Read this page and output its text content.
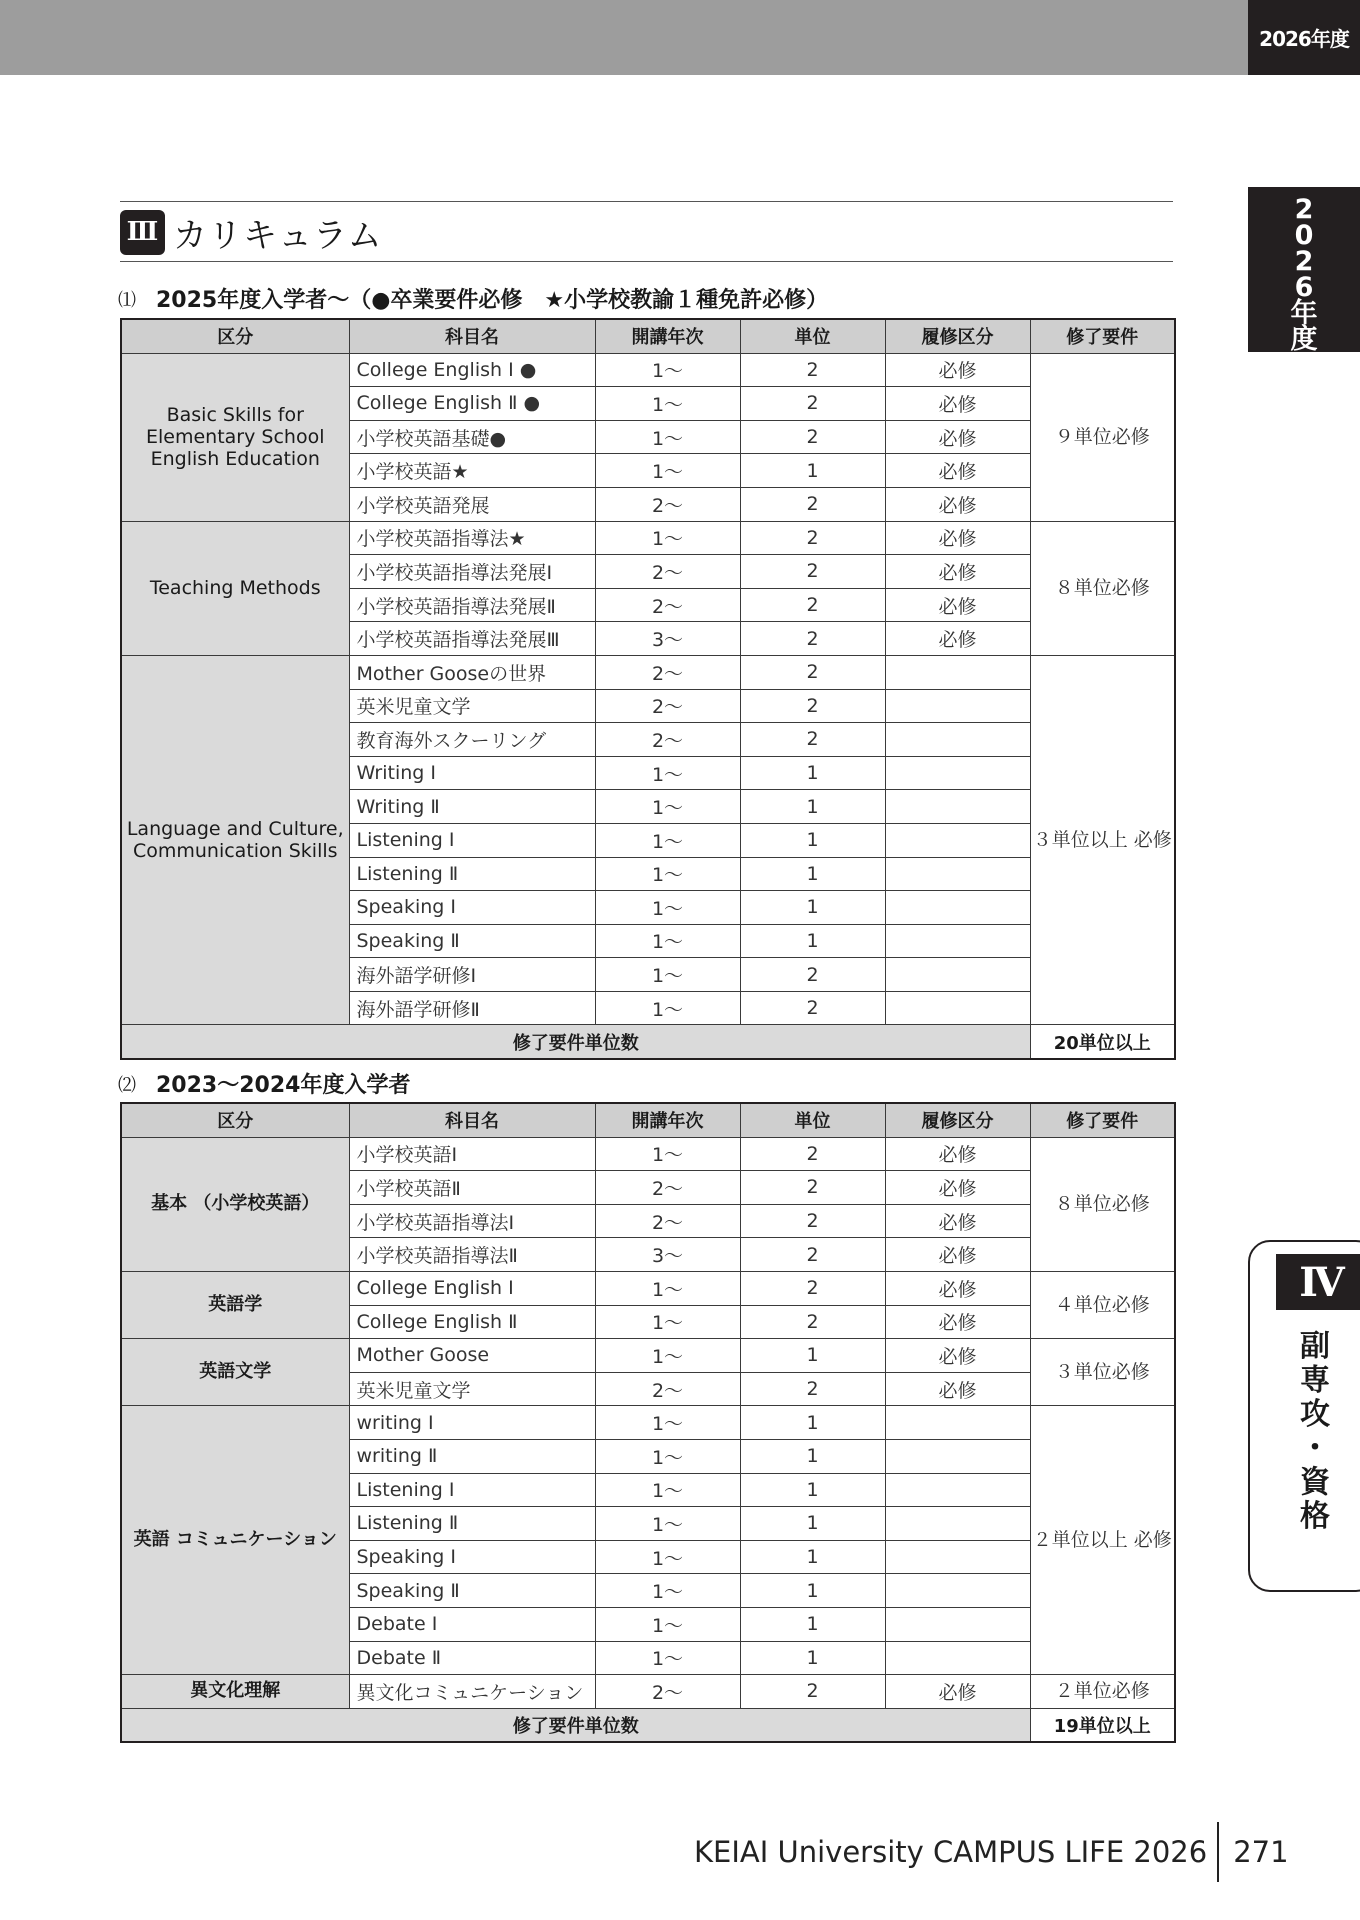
2026年度
2
0
2
6
年
度
Ⅳ
副
専
攻
・
資
格
Ⅲ カリキュラム
⑴ 2025年度入学者〜（●卒業要件必修　★小学校教諭１種免許必修）
区分	科目名	開講年次	単位	履修区分	修了要件
Basic Skills for Elementary School English Education	College English Ⅰ ●	1〜	2	必修	９単位必修
	College English Ⅱ ●	1〜	2	必修	
	小学校英語基礎●	1〜	2	必修	
	小学校英語★	1〜	1	必修	
	小学校英語発展	2〜	2	必修	
Teaching Methods	小学校英語指導法★	1〜	2	必修	８単位必修
	小学校英語指導法発展Ⅰ	2〜	2	必修	
	小学校英語指導法発展Ⅱ	2〜	2	必修	
	小学校英語指導法発展Ⅲ	3〜	2	必修	
Language and Culture, Communication Skills	Mother Gooseの世界	2〜	2		３単位以上 必修
	英米児童文学	2〜	2		
	教育海外スクーリング	2〜	2		
	Writing Ⅰ	1〜	1		
	Writing Ⅱ	1〜	1		
	Listening Ⅰ	1〜	1		
	Listening Ⅱ	1〜	1		
	Speaking Ⅰ	1〜	1		
	Speaking Ⅱ	1〜	1		
	海外語学研修Ⅰ	1〜	2		
	海外語学研修Ⅱ	1〜	2		
修了要件単位数					20単位以上
⑵ 2023〜2024年度入学者
区分	科目名	開講年次	単位	履修区分	修了要件
基本 （小学校英語）	小学校英語Ⅰ	1〜	2	必修	８単位必修
	小学校英語Ⅱ	2〜	2	必修	
	小学校英語指導法Ⅰ	2〜	2	必修	
	小学校英語指導法Ⅱ	3〜	2	必修	
英語学	College English Ⅰ	1〜	2	必修	４単位必修
	College English Ⅱ	1〜	2	必修	
英語文学	Mother Goose	1〜	1	必修	３単位必修
	英米児童文学	2〜	2	必修	
英語 コミュニケーション	writing Ⅰ	1〜	1		２単位以上 必修
	writing Ⅱ	1〜	1		
	Listening Ⅰ	1〜	1		
	Listening Ⅱ	1〜	1		
	Speaking Ⅰ	1〜	1		
	Speaking Ⅱ	1〜	1		
	Debate Ⅰ	1〜	1		
	Debate Ⅱ	1〜	1		
異文化理解	異文化コミュニケーション	2〜	2	必修	２単位必修
修了要件単位数					19単位以上
KEIAI University CAMPUS LIFE 2026 271
